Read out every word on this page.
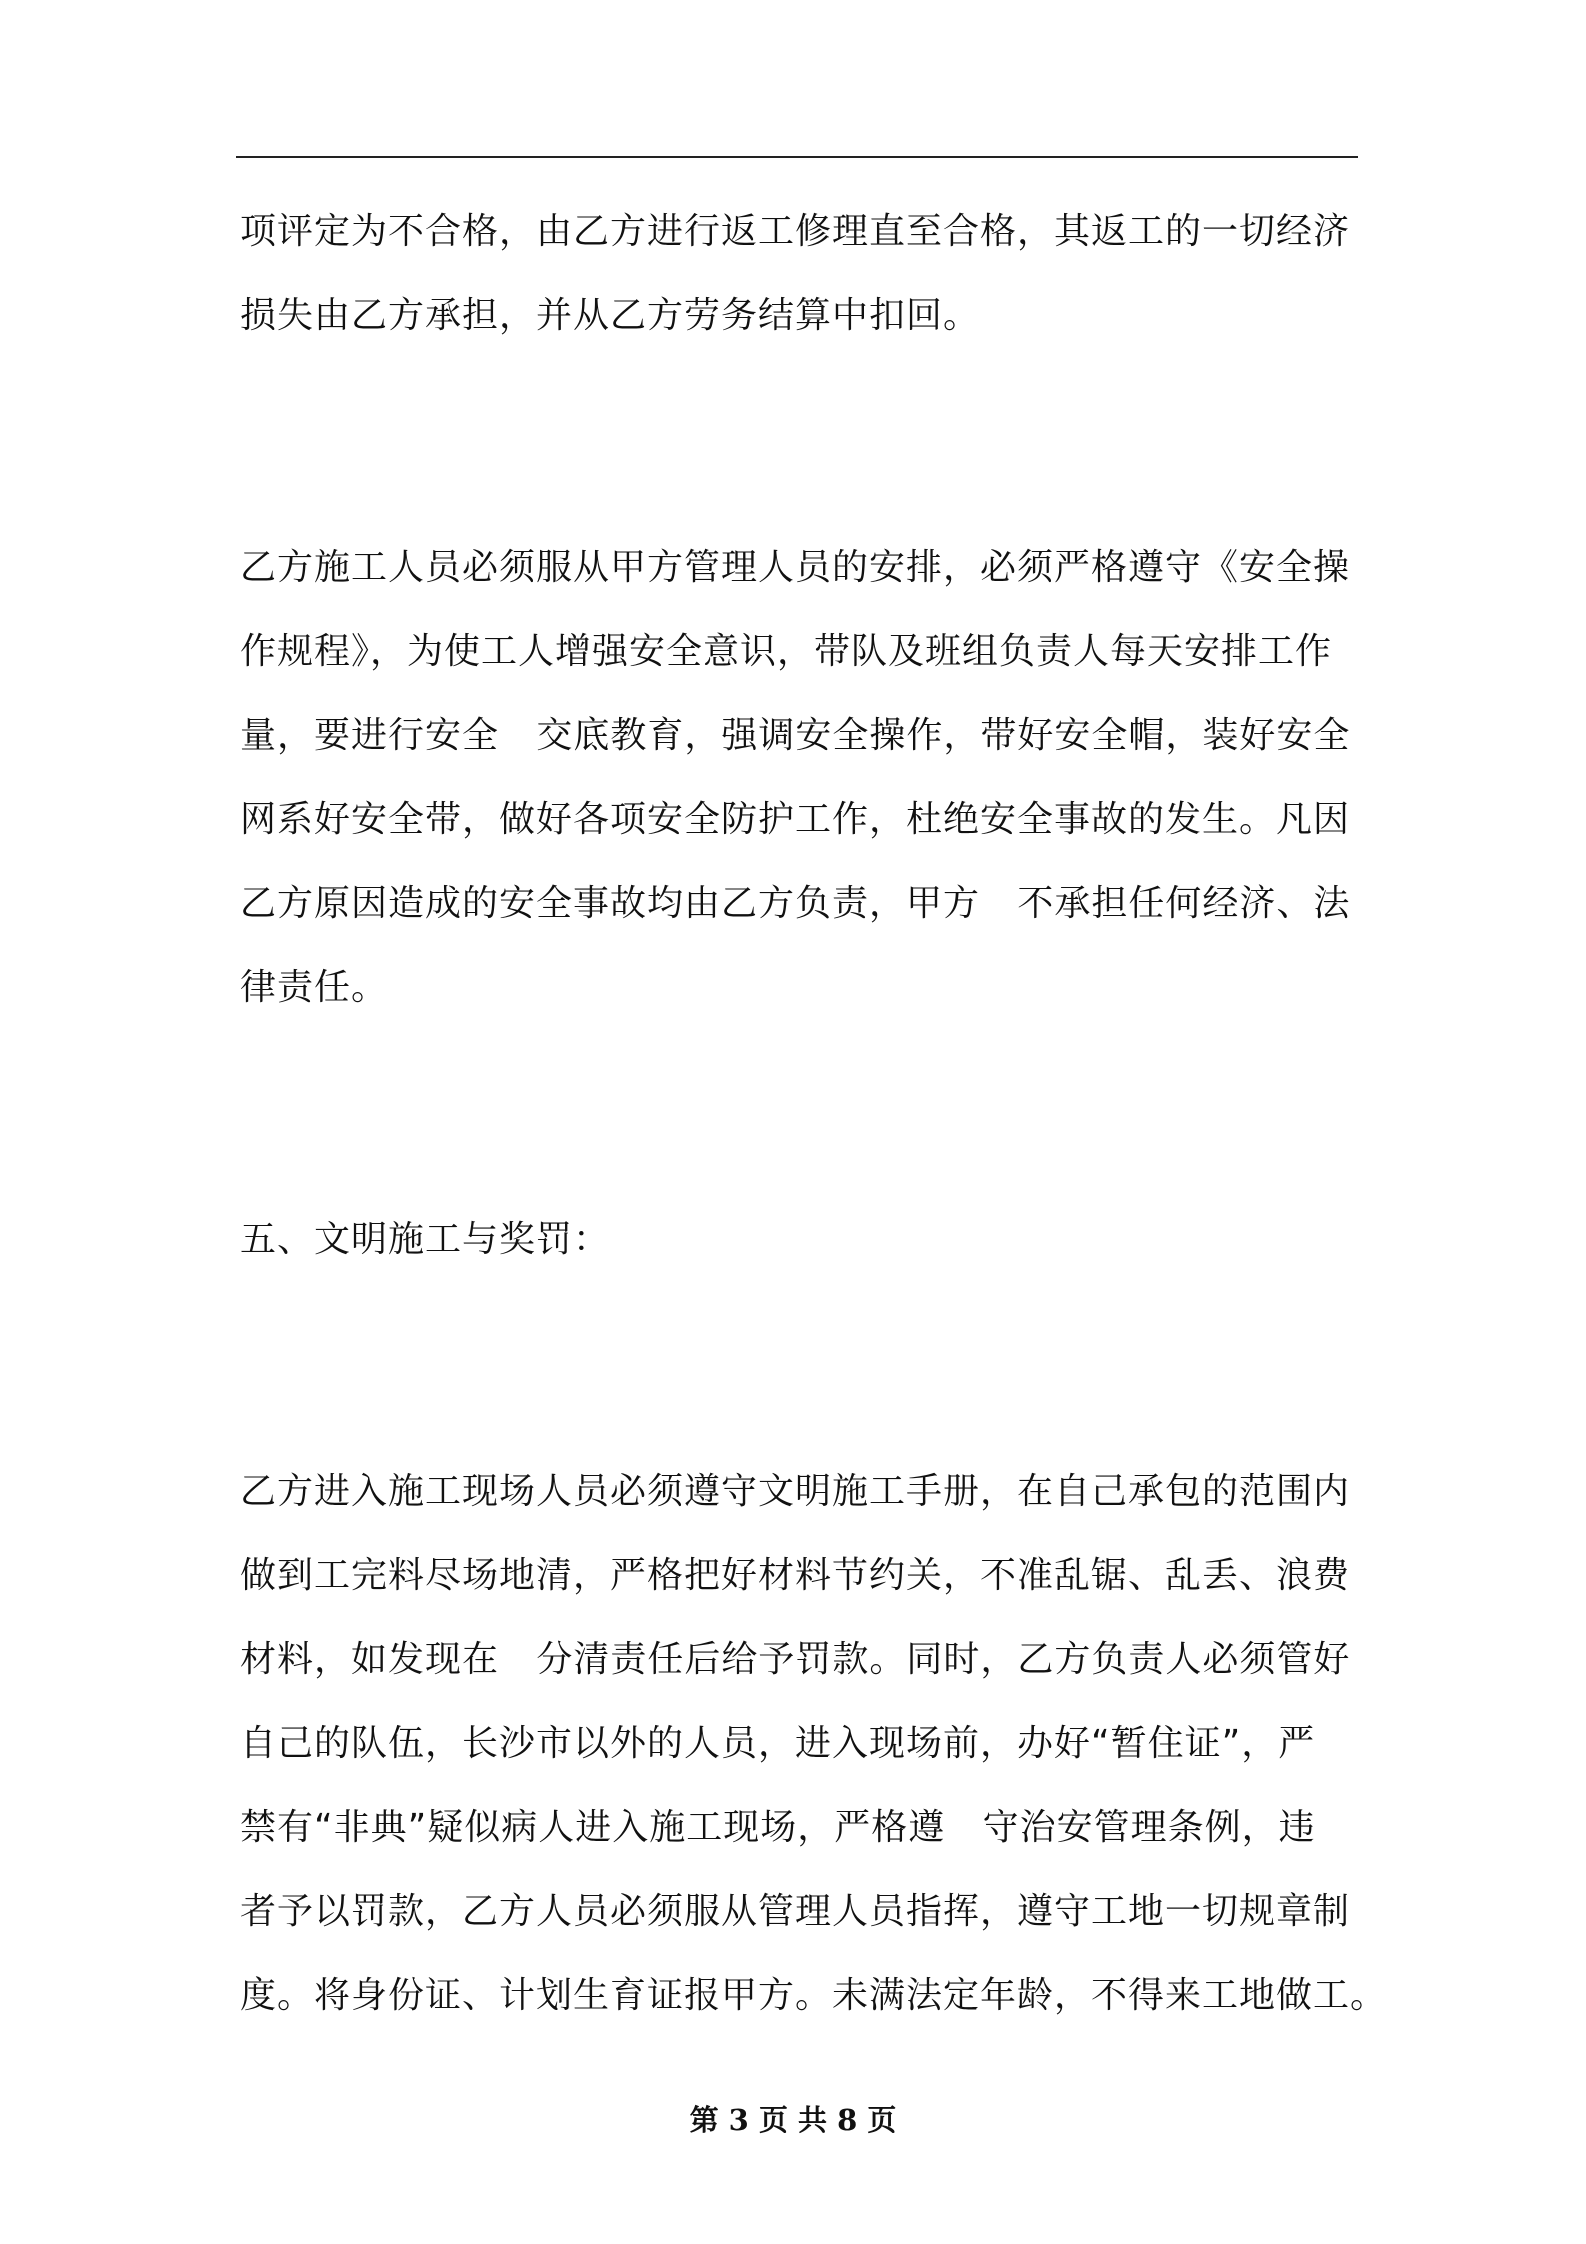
项评定为不合格，由乙方进行返工修理直至合格，其返工的一切经济
损失由乙方承担，并从乙方劳务结算中扣回。

乙方施工人员必须服从甲方管理人员的安排，必须严格遵守《安全操
作规程》，为使工人增强安全意识，带队及班组负责人每天安排工作
量，要进行安全   交底教育，强调安全操作，带好安全帽，装好安全
网系好安全带，做好各项安全防护工作，杜绝安全事故的发生。凡因
乙方原因造成的安全事故均由乙方负责，甲方   不承担任何经济、法
律责任。

五、文明施工与奖罚：

乙方进入施工现场人员必须遵守文明施工手册，在自己承包的范围内
做到工完料尽场地清，严格把好材料节约关，不准乱锯、乱丢、浪费
材料，如发现在   分清责任后给予罚款。同时，乙方负责人必须管好
自己的队伍，长沙市以外的人员，进入现场前，办好“暂住证”，严
禁有“非典”疑似病人进入施工现场，严格遵   守治安管理条例，违
者予以罚款，乙方人员必须服从管理人员指挥，遵守工地一切规章制
度。将身份证、计划生育证报甲方。未满法定年龄，不得来工地做工。

第 3 页 共 8 页
